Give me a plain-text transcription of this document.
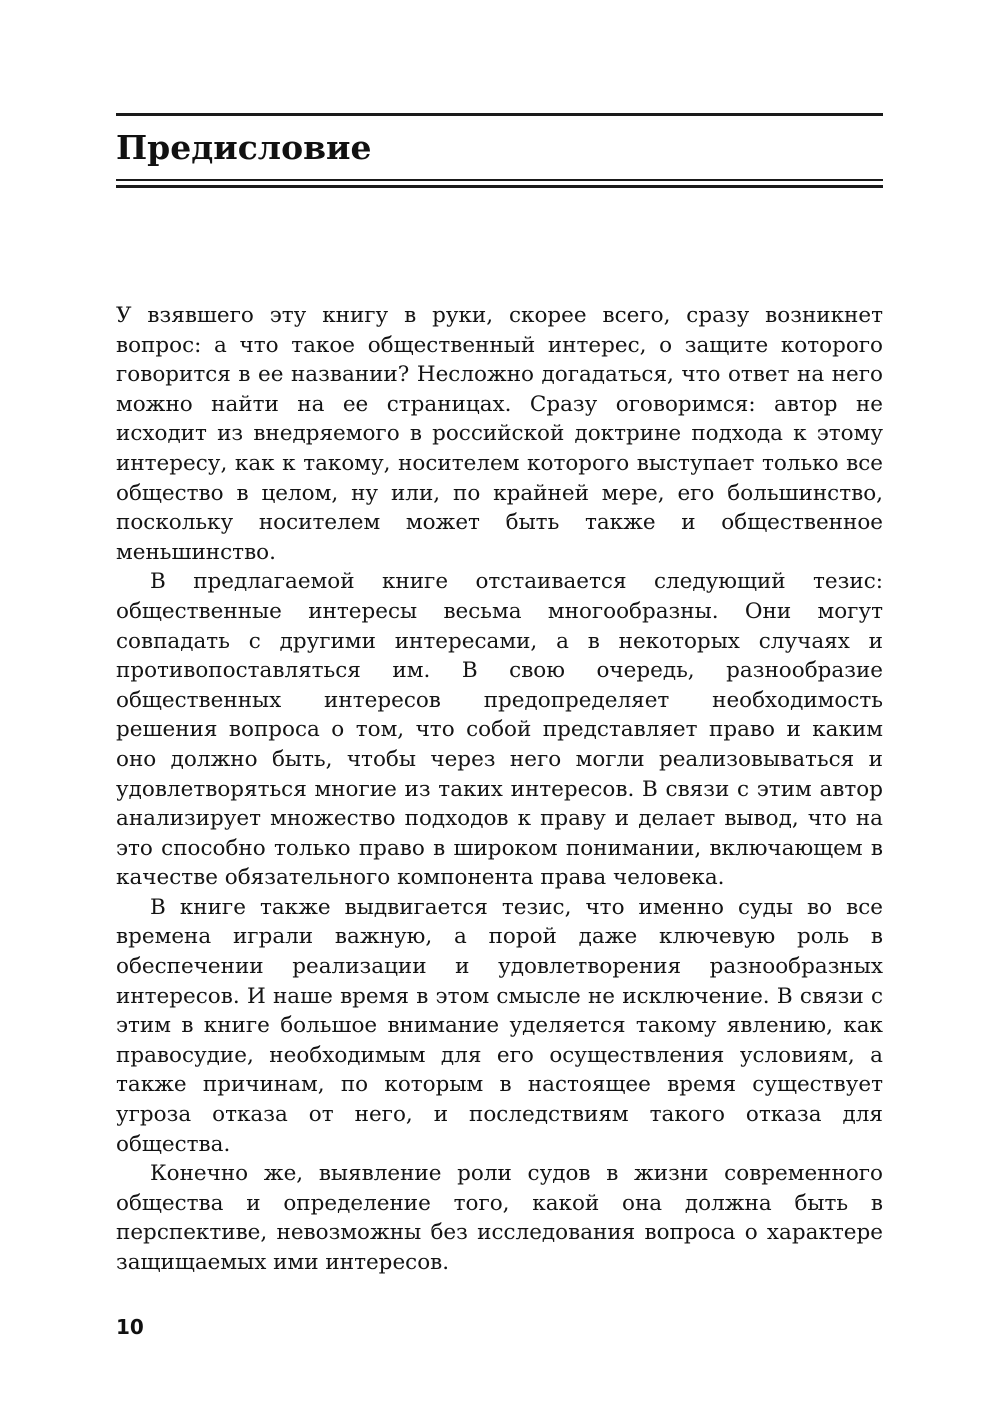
Предисловие

У взявшего эту книгу в руки, скорее всего, сразу возникнет вопрос: а что такое общественный интерес, о защите которого говорится в ее названии? Несложно догадаться, что ответ на него можно найти на ее страницах. Сразу оговоримся: автор не исходит из внедряемого в российской доктрине подхода к этому интересу, как к такому, носителем которого выступает только все общество в целом, ну или, по крайней мере, его большинство, поскольку носителем может быть также и общественное меньшинство.

В предлагаемой книге отстаивается следующий тезис: общественные интересы весьма многообразны. Они могут совпадать с другими интересами, а в некоторых случаях и противопоставляться им. В свою очередь, разнообразие общественных интересов предопределяет необходимость решения вопроса о том, что собой представляет право и каким оно должно быть, чтобы через него могли реализовываться и удовлетворяться многие из таких интересов. В связи с этим автор анализирует множество подходов к праву и делает вывод, что на это способно только право в широком понимании, включающем в качестве обязательного компонента права человека.

В книге также выдвигается тезис, что именно суды во все времена играли важную, а порой даже ключевую роль в обеспечении реализации и удовлетворения разнообразных интересов. И наше время в этом смысле не исключение. В связи с этим в книге большое внимание уделяется такому явлению, как правосудие, необходимым для его осуществления условиям, а также причинам, по которым в настоящее время существует угроза отказа от него, и последствиям такого отказа для общества.

Конечно же, выявление роли судов в жизни современного общества и определение того, какой она должна быть в перспективе, невозможны без исследования вопроса о характере защищаемых ими интересов.

10
